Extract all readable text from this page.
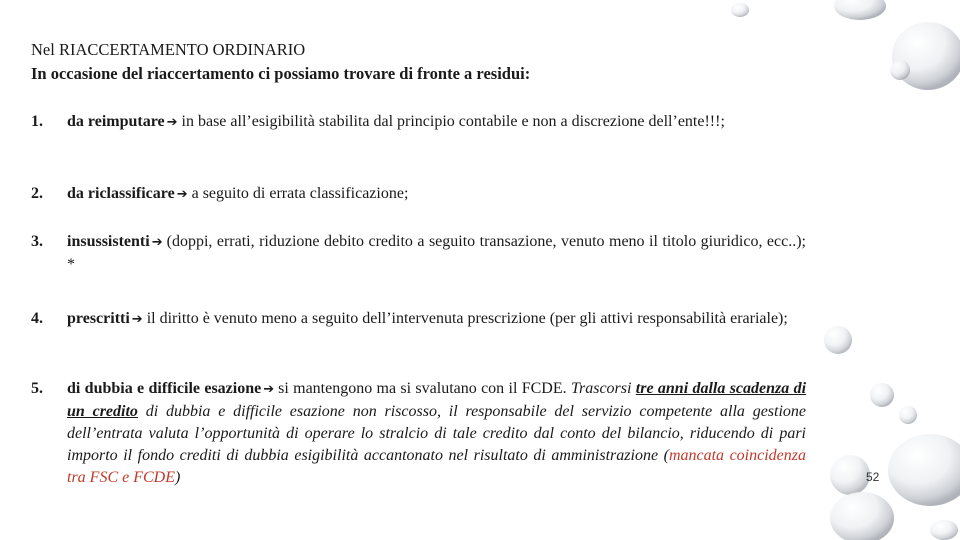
Nel RIACCERTAMENTO ORDINARIO
In occasione del riaccertamento ci possiamo trovare di fronte a residui:
1. da reimputare ➔ in base all’esigibilità stabilita dal principio contabile e non a discrezione dell’ente!!!;
2. da riclassificare ➔ a seguito di errata classificazione;
3. insussistenti ➔ (doppi, errati, riduzione debito credito a seguito transazione, venuto meno il titolo giuridico, ecc..); *
4. prescritti ➔ il diritto è venuto meno a seguito dell’intervenuta prescrizione (per gli attivi responsabilità erariale);
5. di dubbia e difficile esazione ➔ si mantengono ma si svalutano con il FCDE. Trascorsi tre anni dalla scadenza di un credito di dubbia e difficile esazione non riscosso, il responsabile del servizio competente alla gestione dell’entrata valuta l’opportunità di operare lo stralcio di tale credito dal conto del bilancio, riducendo di pari importo il fondo crediti di dubbia esigibilità accantonato nel risultato di amministrazione (mancata coincidenza tra FSC e FCDE)	52
